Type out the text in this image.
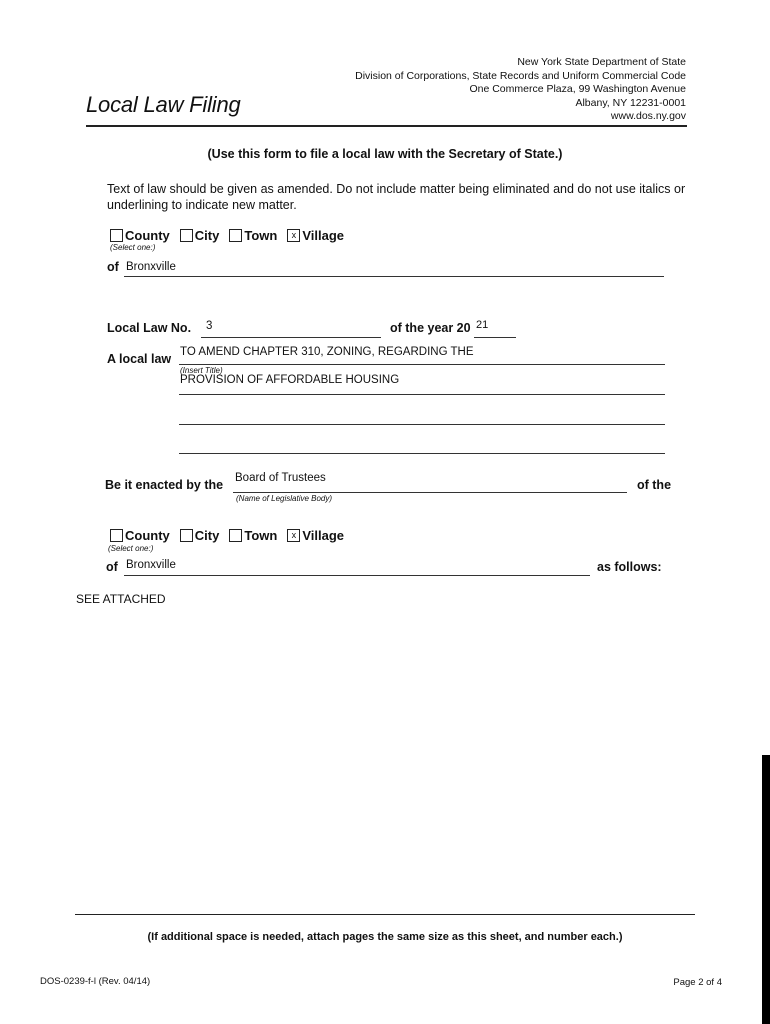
New York State Department of State
Division of Corporations, State Records and Uniform Commercial Code
One Commerce Plaza, 99 Washington Avenue
Albany, NY 12231-0001
www.dos.ny.gov
Local Law Filing
(Use this form to file a local law with the Secretary of State.)
Text of law should be given as amended. Do not include matter being eliminated and do not use italics or underlining to indicate new matter.
County City Town	x Village
(Select one:)
of Bronxville
Local Law No. 3	of the year 20 21
A local law TO AMEND CHAPTER 310, ZONING, REGARDING THE
(Insert Title)
PROVISION OF AFFORDABLE HOUSING
Be it enacted by the Board of Trustees
(Name of Legislative Body)
of the
County City Town	x Village
(Select one:)
of Bronxville	as follows:
SEE ATTACHED
(If additional space is needed, attach pages the same size as this sheet, and number each.)
DOS-0239-f-l (Rev. 04/14)	Page 2 of 4
